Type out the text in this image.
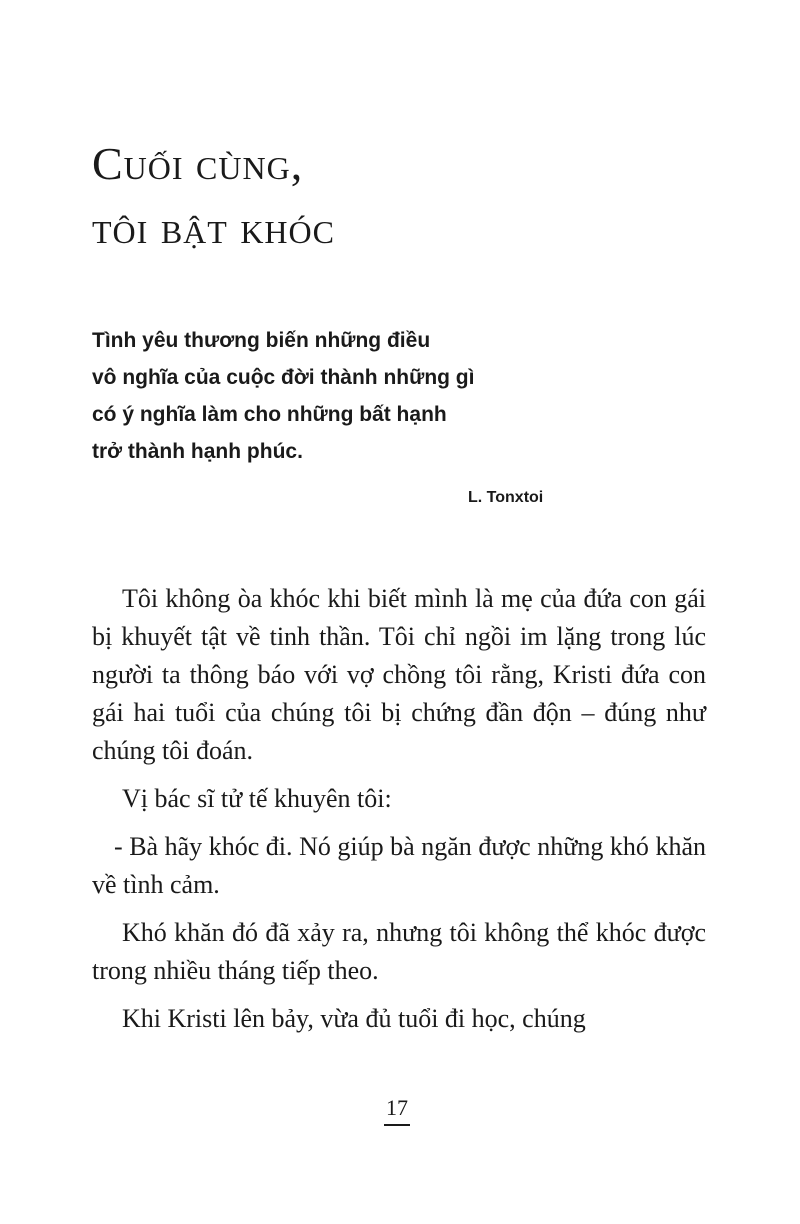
Cuối cùng,
tôi bật khóc
Tình yêu thương biến những điều
vô nghĩa của cuộc đời thành những gì
có ý nghĩa làm cho những bất hạnh
trở thành hạnh phúc.
L. Tonxtoi

Tôi không òa khóc khi biết mình là mẹ của đứa con gái bị khuyết tật về tinh thần. Tôi chỉ ngồi im lặng trong lúc người ta thông báo với vợ chồng tôi rằng, Kristi đứa con gái hai tuổi của chúng tôi bị chứng đần độn – đúng như chúng tôi đoán.

Vị bác sĩ tử tế khuyên tôi:

- Bà hãy khóc đi. Nó giúp bà ngăn được những khó khăn về tình cảm.

Khó khăn đó đã xảy ra, nhưng tôi không thể khóc được trong nhiều tháng tiếp theo.

Khi Kristi lên bảy, vừa đủ tuổi đi học, chúng

17
